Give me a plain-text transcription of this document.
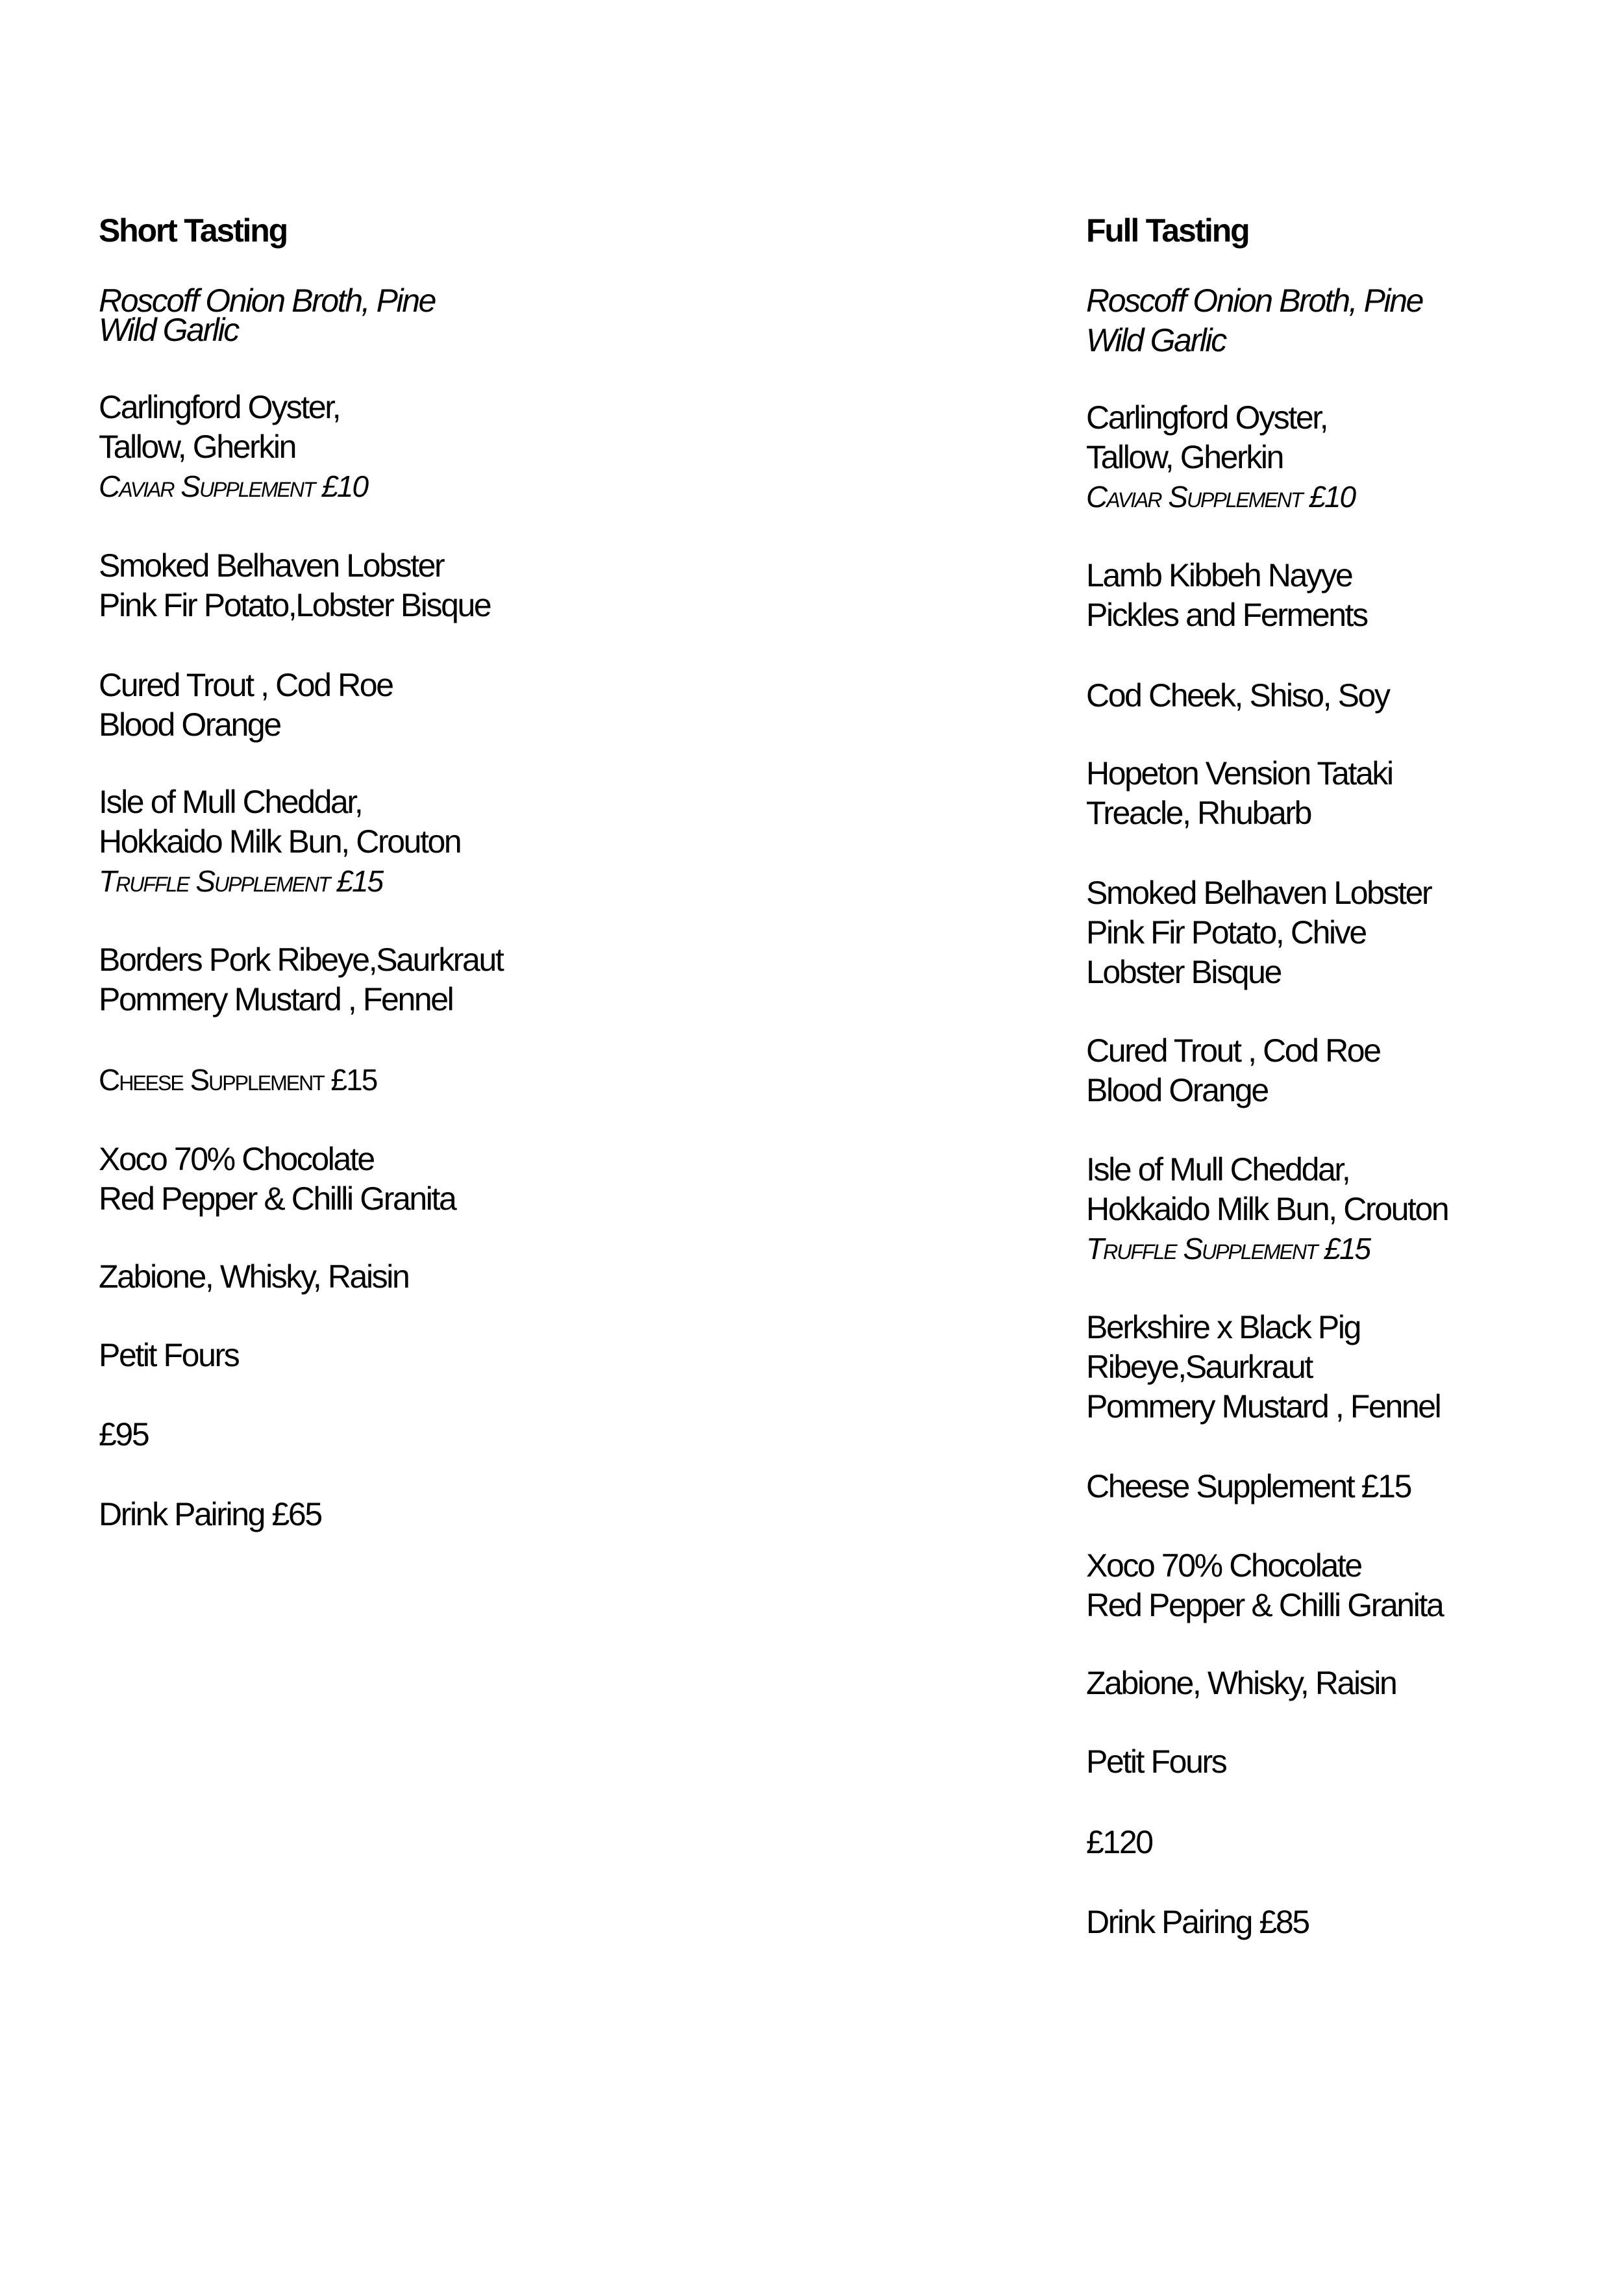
Short Tasting
Roscoff Onion Broth, Pine
Wild Garlic
Carlingford Oyster,
Tallow, Gherkin
Caviar Supplement £10
Smoked Belhaven Lobster
Pink Fir Potato,Lobster Bisque
Cured Trout , Cod Roe
Blood Orange
Isle of Mull Cheddar,
Hokkaido Milk Bun, Crouton
Truffle Supplement £15
Borders Pork Ribeye,Saurkraut
Pommery Mustard , Fennel
Cheese Supplement £15
Xoco 70% Chocolate
Red Pepper & Chilli Granita
Zabione, Whisky, Raisin
Petit Fours
£95
Drink Pairing £65
Full Tasting
Roscoff Onion Broth, Pine
Wild Garlic
Carlingford Oyster,
Tallow, Gherkin
Caviar Supplement £10
Lamb Kibbeh Nayye
Pickles and Ferments
Cod Cheek, Shiso, Soy
Hopeton Vension Tataki
Treacle, Rhubarb
Smoked Belhaven Lobster
Pink Fir Potato, Chive
Lobster Bisque
Cured Trout , Cod Roe
Blood Orange
Isle of Mull Cheddar,
Hokkaido Milk Bun, Crouton
Truffle Supplement £15
Berkshire x Black Pig
Ribeye,Saurkraut
Pommery Mustard , Fennel
Cheese Supplement £15
Xoco 70% Chocolate
Red Pepper & Chilli Granita
Zabione, Whisky, Raisin
Petit Fours
£120
Drink Pairing £85
